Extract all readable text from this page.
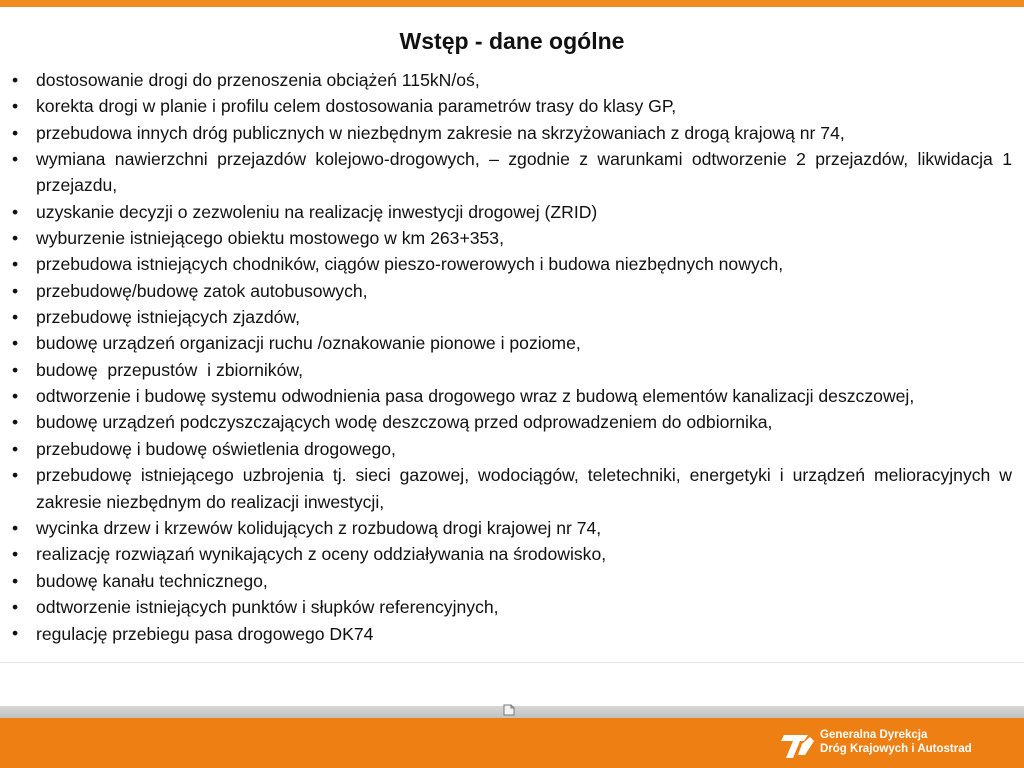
Wstęp - dane ogólne
•	dostosowanie drogi do przenoszenia obciążeń 115kN/oś,
•	korekta drogi w planie i profilu celem dostosowania parametrów trasy do klasy GP,
•	przebudowa innych dróg publicznych w niezbędnym zakresie na skrzyżowaniach z drogą krajową nr 74,
•	wymiana nawierzchni przejazdów kolejowo-drogowych, – zgodnie z warunkami odtworzenie 2 przejazdów, likwidacja 1 przejazdu,
•	uzyskanie decyzji o zezwoleniu na realizację inwestycji drogowej (ZRID)
•	wyburzenie istniejącego obiektu mostowego w km 263+353,
•	przebudowa istniejących chodników, ciągów pieszo-rowerowych i budowa niezbędnych nowych,
•	przebudowę/budowę zatok autobusowych,
•	przebudowę istniejących zjazdów,
•	budowę urządzeń organizacji ruchu /oznakowanie pionowe i poziome,
•	budowę  przepustów  i zbiorników,
•	odtworzenie i budowę systemu odwodnienia pasa drogowego wraz z budową elementów kanalizacji deszczowej,
•	budowę urządzeń podczyszczających wodę deszczową przed odprowadzeniem do odbiornika,
•	przebudowę i budowę oświetlenia drogowego,
•	przebudowę istniejącego uzbrojenia tj. sieci gazowej, wodociągów, teletechniki, energetyki i urządzeń melioracyjnych w zakresie niezbędnym do realizacji inwestycji,
•	wycinka drzew i krzewów kolidujących z rozbudową drogi krajowej nr 74,
•	realizację rozwiązań wynikających z oceny oddziaływania na środowisko,
•	budowę kanału technicznego,
•	odtworzenie istniejących punktów i słupków referencyjnych,
•	regulację przebiegu pasa drogowego DK74
Generalna Dyrekcja
Dróg Krajowych i Autostrad
